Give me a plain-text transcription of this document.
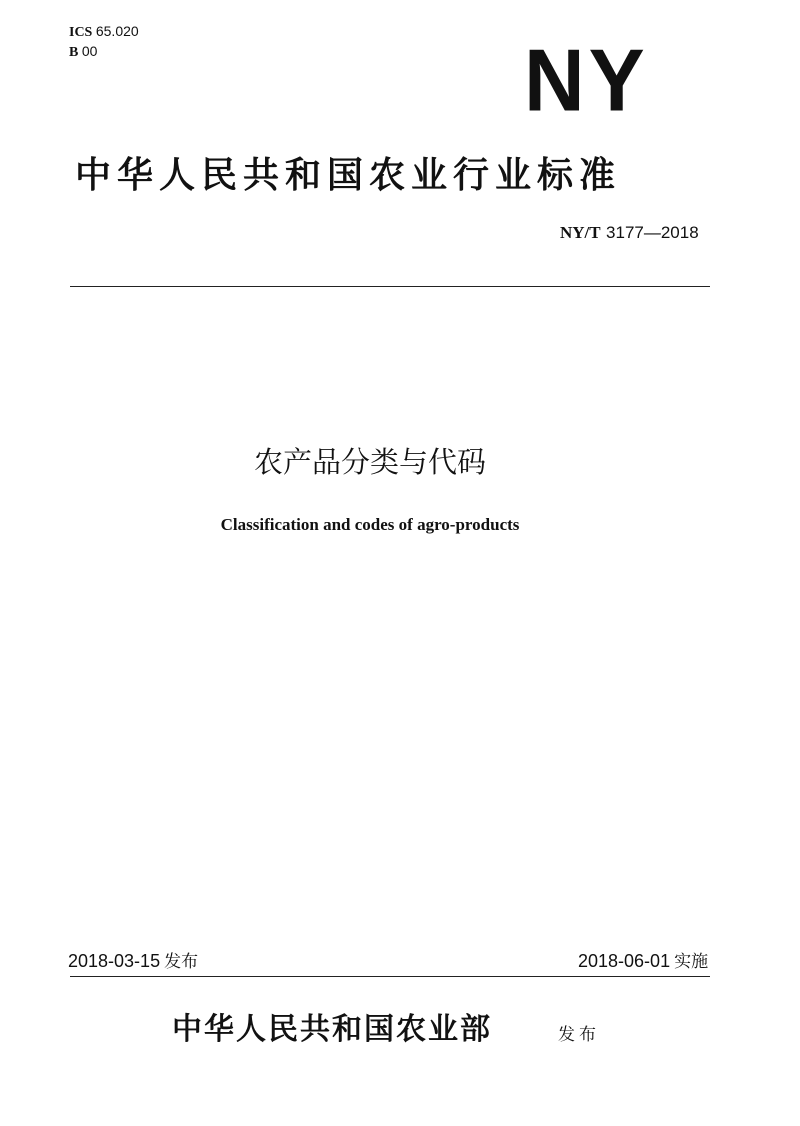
ICS 65.020
B 00	NY
中华人民共和国农业行业标准
NY/T 3177—2018
农产品分类与代码
Classification and codes of agro-products
2018-03-15 发布	2018-06-01 实施
中华人民共和国农业部	发布
